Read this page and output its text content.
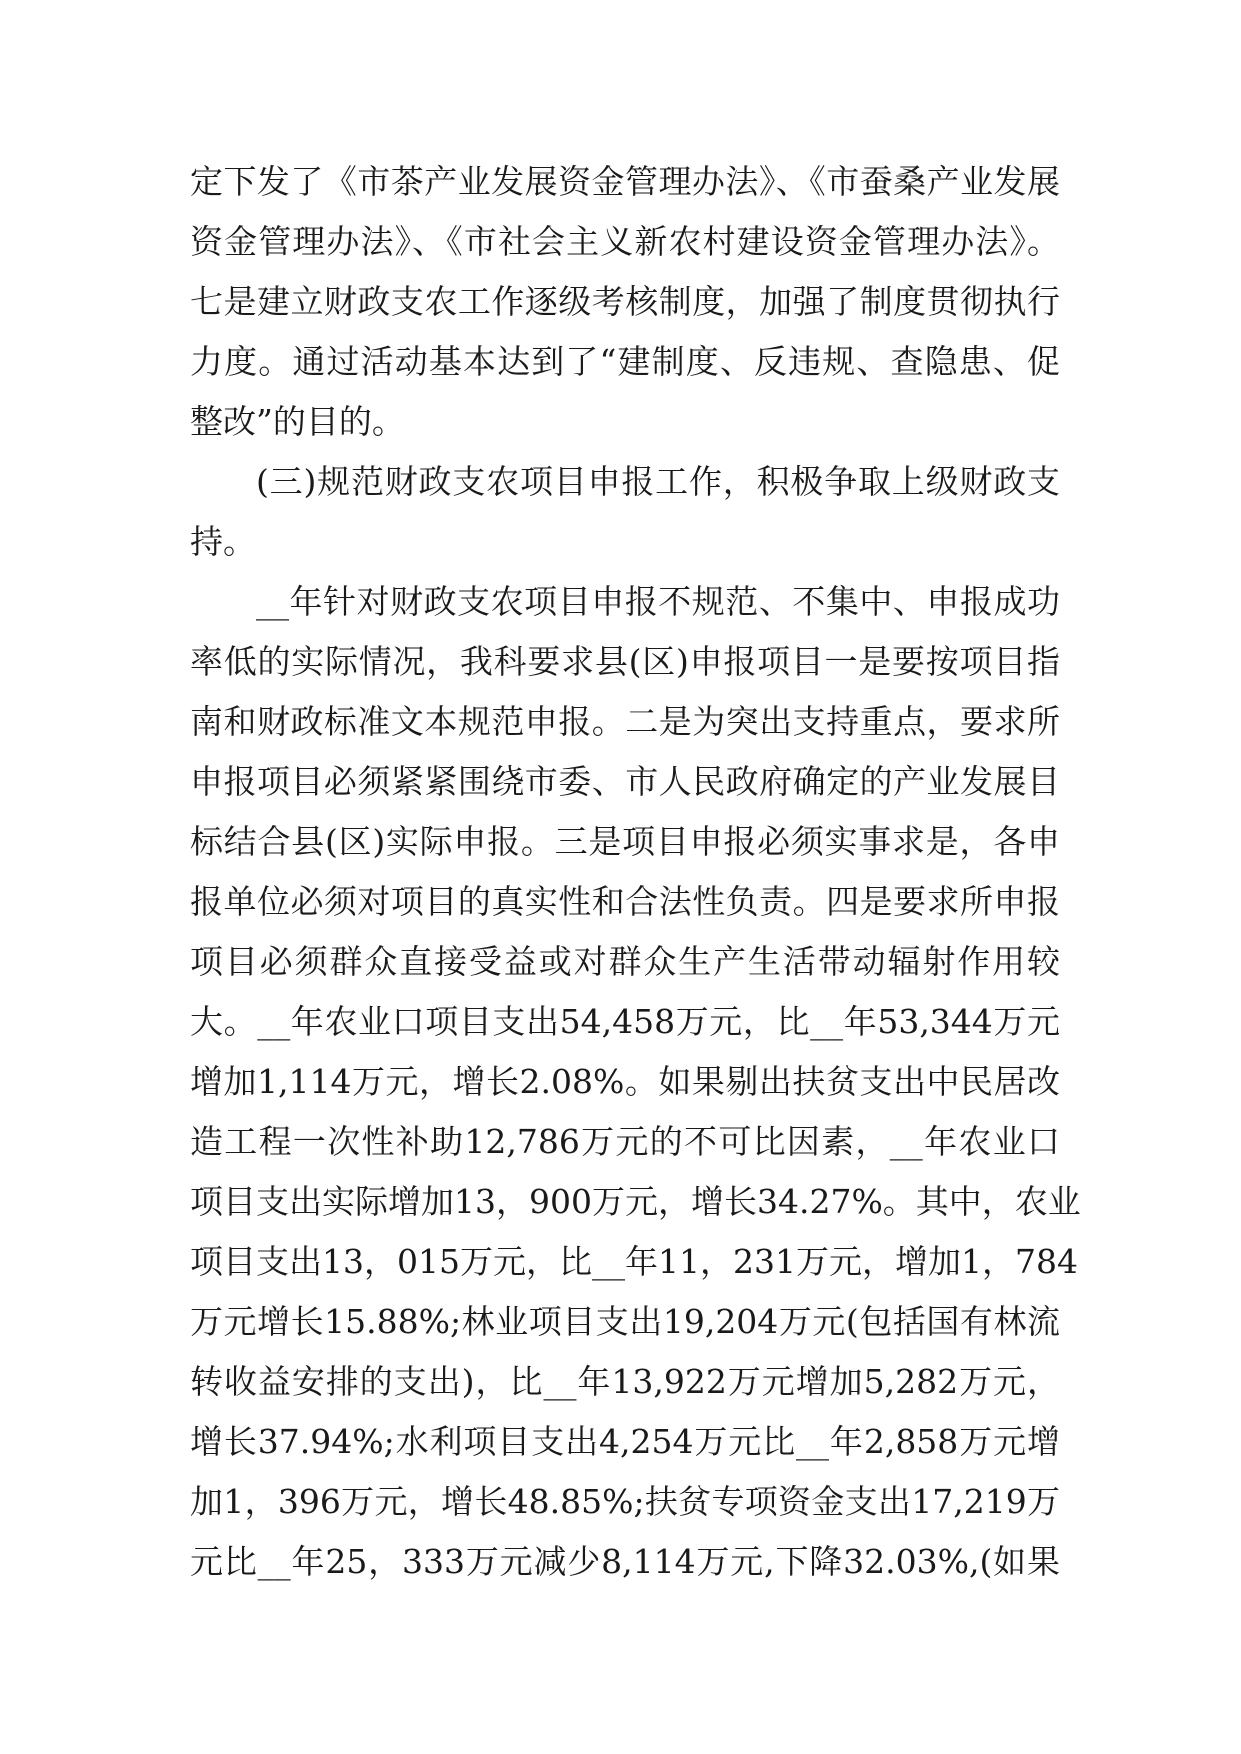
定下发了《市茶产业发展资金管理办法》、《市蚕桑产业发展
资金管理办法》、《市社会主义新农村建设资金管理办法》。
七是建立财政支农工作逐级考核制度，加强了制度贯彻执行
力度。通过活动基本达到了“建制度、反违规、查隐患、促
整改”的目的。
(三)规范财政支农项目申报工作，积极争取上级财政支
持。
__年针对财政支农项目申报不规范、不集中、申报成功
率低的实际情况，我科要求县(区)申报项目一是要按项目指
南和财政标准文本规范申报。二是为突出支持重点，要求所
申报项目必须紧紧围绕市委、市人民政府确定的产业发展目
标结合县(区)实际申报。三是项目申报必须实事求是，各申
报单位必须对项目的真实性和合法性负责。四是要求所申报
项目必须群众直接受益或对群众生产生活带动辐射作用较
大。__年农业口项目支出54,458万元，比__年53,344万元
增加1,114万元，增长2.08%。如果剔出扶贫支出中民居改
造工程一次性补助12,786万元的不可比因素，__年农业口
项目支出实际增加13，900万元，增长34.27%。其中，农业
项目支出13，015万元，比__年11，231万元，增加1，784
万元增长15.88%;林业项目支出19,204万元(包括国有林流
转收益安排的支出)，比__年13,922万元增加5,282万元，
增长37.94%;水利项目支出4,254万元比__年2,858万元增
加1，396万元，增长48.85%;扶贫专项资金支出17,219万
元比__年25，333万元减少8,114万元,下降32.03%,(如果
